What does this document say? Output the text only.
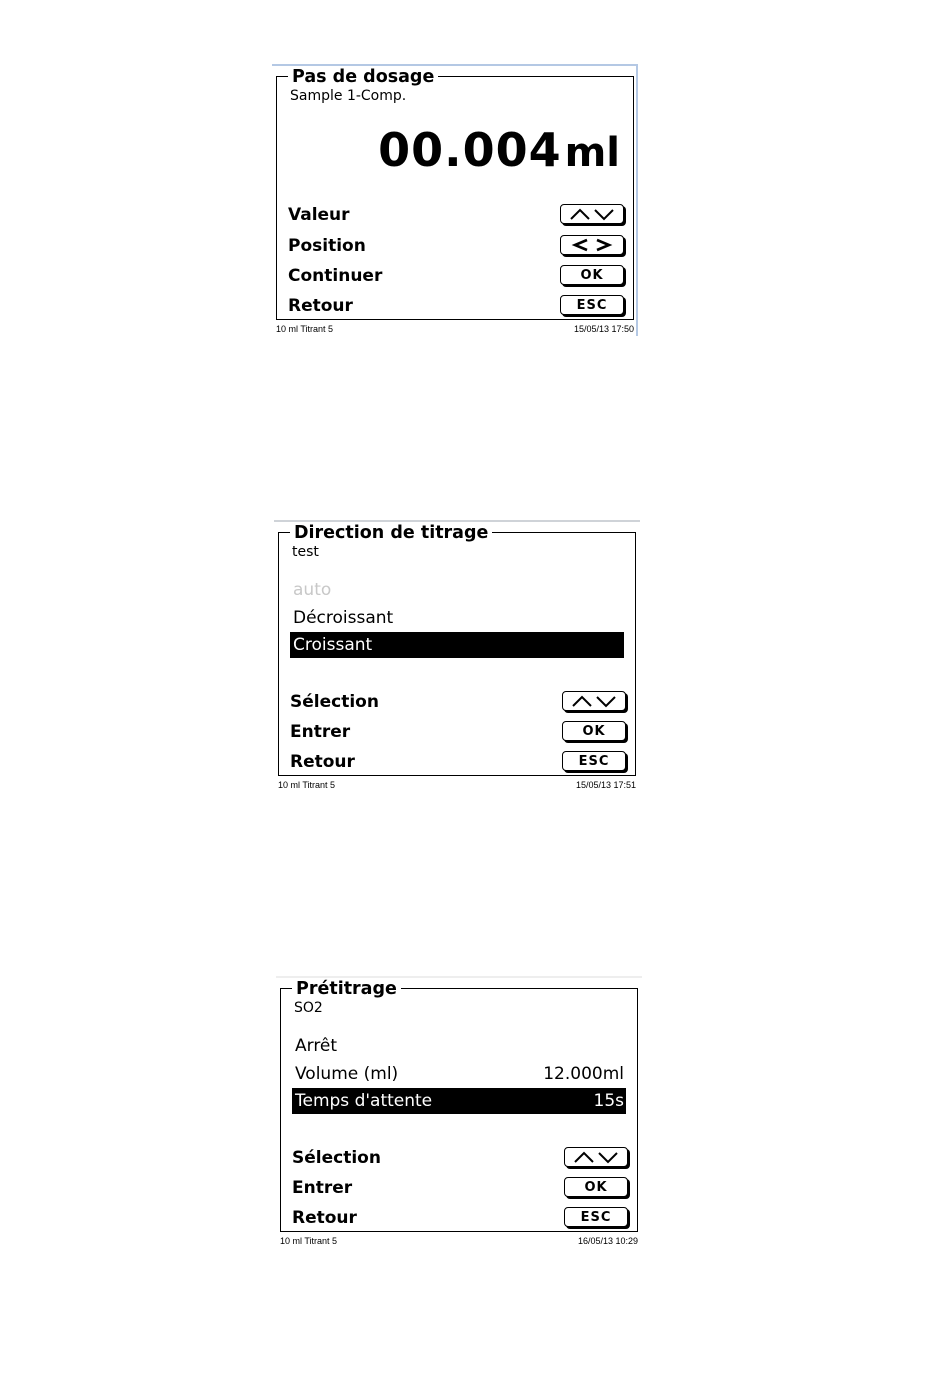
Pas de dosage
Sample 1-Comp.
00.004ml
Valeur
Position
Continuer	OK
Retour	ESC
10 ml Titrant 5	15/05/13 17:50
Direction de titrage
test
auto
Décroissant
Croissant
Sélection
Entrer	OK
Retour	ESC
10 ml Titrant 5	15/05/13 17:51
Prétitrage
SO2
Arrêt
Volume (ml)	12.000ml
Temps d'attente	15s
Sélection
Entrer	OK
Retour	ESC
10 ml Titrant 5	16/05/13 10:29
